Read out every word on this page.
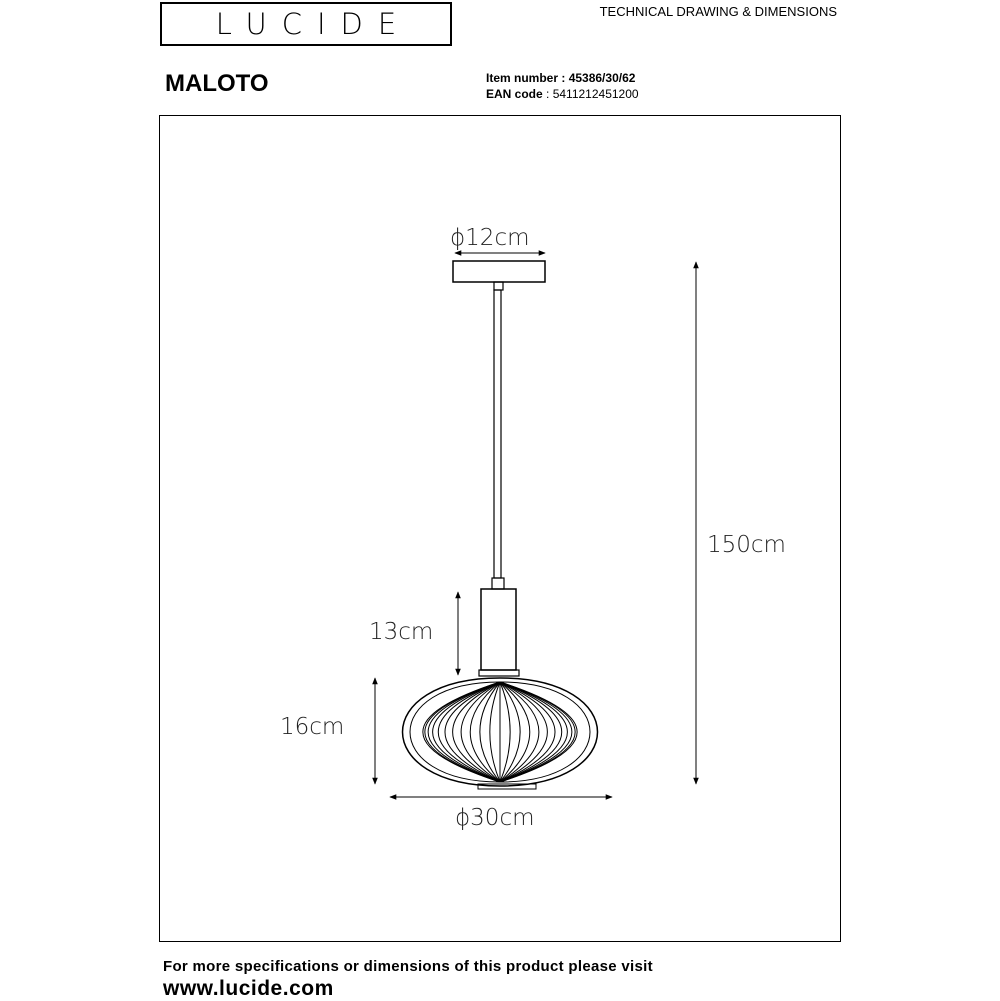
LUCIDE	TECHNICAL DRAWING & DIMENSIONS
MALOTO	Item number : 45386/30/62
EAN code : 5411212451200
ϕ12cm
150cm
13cm
16cm
ϕ30cm
For more specifications or dimensions of this product please visit
www.lucide.com
